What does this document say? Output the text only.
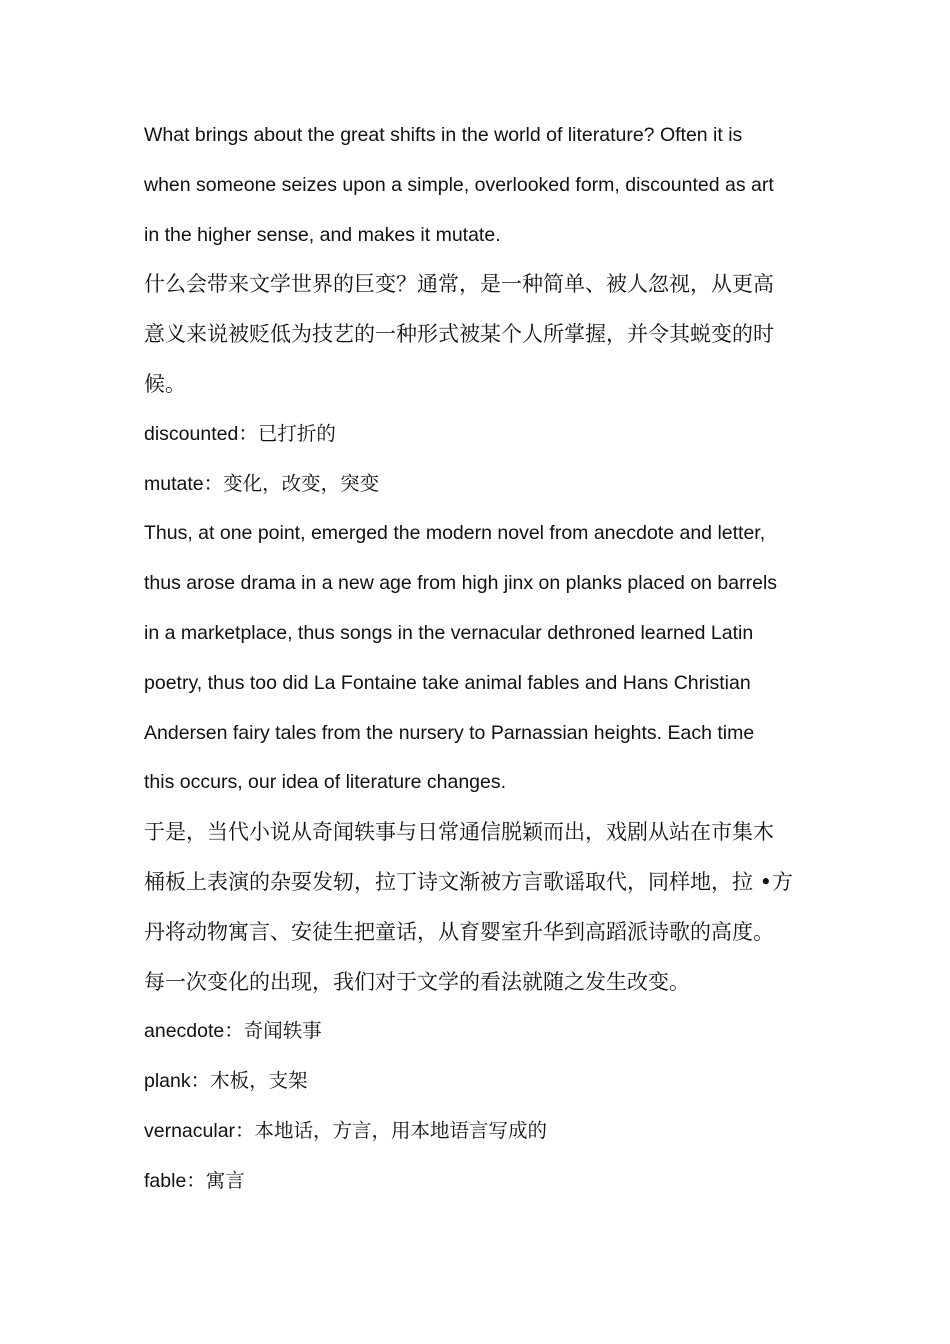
What brings about the great shifts in the world of literature? Often it is
when someone seizes upon a simple, overlooked form, discounted as art
in the higher sense, and makes it mutate.
什么会带来文学世界的巨变？通常，是一种简单、被人忽视，从更高
意义来说被贬低为技艺的一种形式被某个人所掌握，并令其蜕变的时
候。
discounted：已打折的
mutate：变化，改变，突变
Thus, at one point, emerged the modern novel from anecdote and letter,
thus arose drama in a new age from high jinx on planks placed on barrels
in a marketplace, thus songs in the vernacular dethroned learned Latin
poetry, thus too did La Fontaine take animal fables and Hans Christian
Andersen fairy tales from the nursery to Parnassian heights. Each time
this occurs, our idea of literature changes.
于是，当代小说从奇闻轶事与日常通信脱颖而出，戏剧从站在市集木
桶板上表演的杂耍发轫，拉丁诗文渐被方言歌谣取代，同样地，拉 •方
丹将动物寓言、安徒生把童话，从育婴室升华到高蹈派诗歌的高度。
每一次变化的出现，我们对于文学的看法就随之发生改变。
anecdote：奇闻轶事
plank：木板，支架
vernacular：本地话，方言，用本地语言写成的
fable：寓言
